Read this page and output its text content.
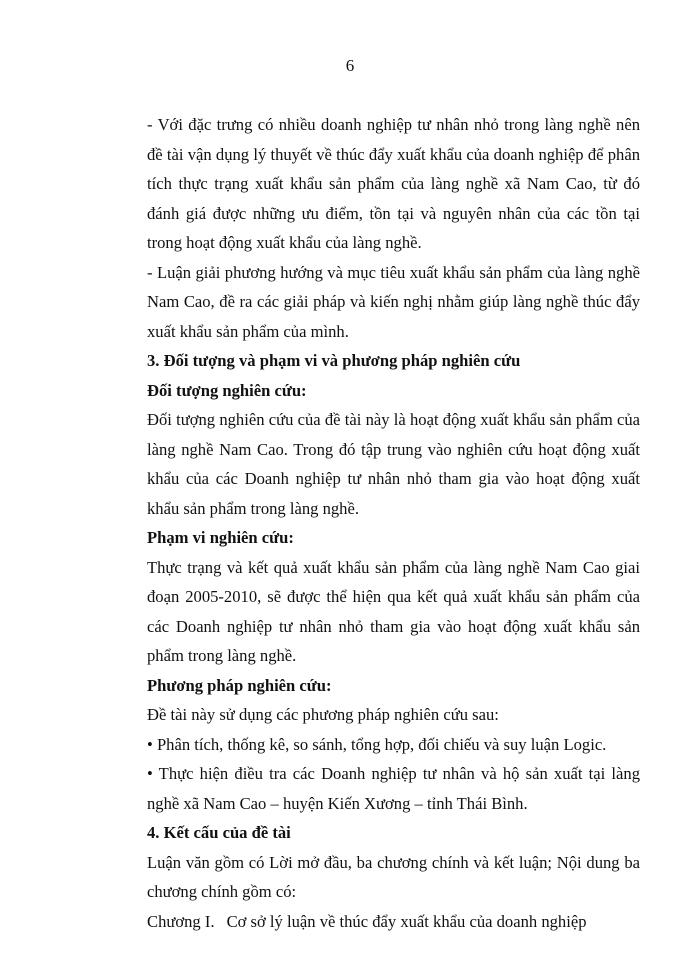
6

- Với đặc trưng có nhiều doanh nghiệp tư nhân nhỏ trong làng nghề nên đề tài vận dụng lý thuyết về thúc đẩy xuất khẩu của doanh nghiệp để phân tích thực trạng xuất khẩu sản phẩm của làng nghề xã Nam Cao, từ đó đánh giá được những ưu điểm, tồn tại và nguyên nhân của các tồn tại trong hoạt động xuất khẩu của làng nghề.

- Luận giải phương hướng và mục tiêu xuất khẩu sản phẩm của làng nghề Nam Cao, đề ra các giải pháp và kiến nghị nhằm giúp làng nghề thúc đẩy xuất khẩu sản phẩm của mình.

3. Đối tượng và phạm vi và phương pháp nghiên cứu

Đối tượng nghiên cứu:

Đối tượng nghiên cứu của đề tài này là hoạt động xuất khẩu sản phẩm của làng nghề Nam Cao. Trong đó tập trung vào nghiên cứu hoạt động xuất khẩu của các Doanh nghiệp tư nhân nhỏ tham gia vào hoạt động xuất khẩu sản phẩm trong làng nghề.

Phạm vi nghiên cứu:

Thực trạng và kết quả xuất khẩu sản phẩm của làng nghề Nam Cao giai đoạn 2005-2010, sẽ được thể hiện qua kết quả xuất khẩu sản phẩm của các Doanh nghiệp tư nhân nhỏ tham gia vào hoạt động xuất khẩu sản phẩm trong làng nghề.

Phương pháp nghiên cứu:

Đề tài này sử dụng các phương pháp nghiên cứu sau:

• Phân tích, thống kê, so sánh, tổng hợp, đối chiếu và suy luận Logic.

• Thực hiện điều tra các Doanh nghiệp tư nhân và hộ sản xuất tại làng nghề xã Nam Cao – huyện Kiến Xương – tỉnh Thái Bình.

4. Kết cấu của đề tài

Luận văn gồm có Lời mở đầu, ba chương chính và kết luận; Nội dung ba chương chính gồm có:

Chương I. Cơ sở lý luận về thúc đẩy xuất khẩu của doanh nghiệp
